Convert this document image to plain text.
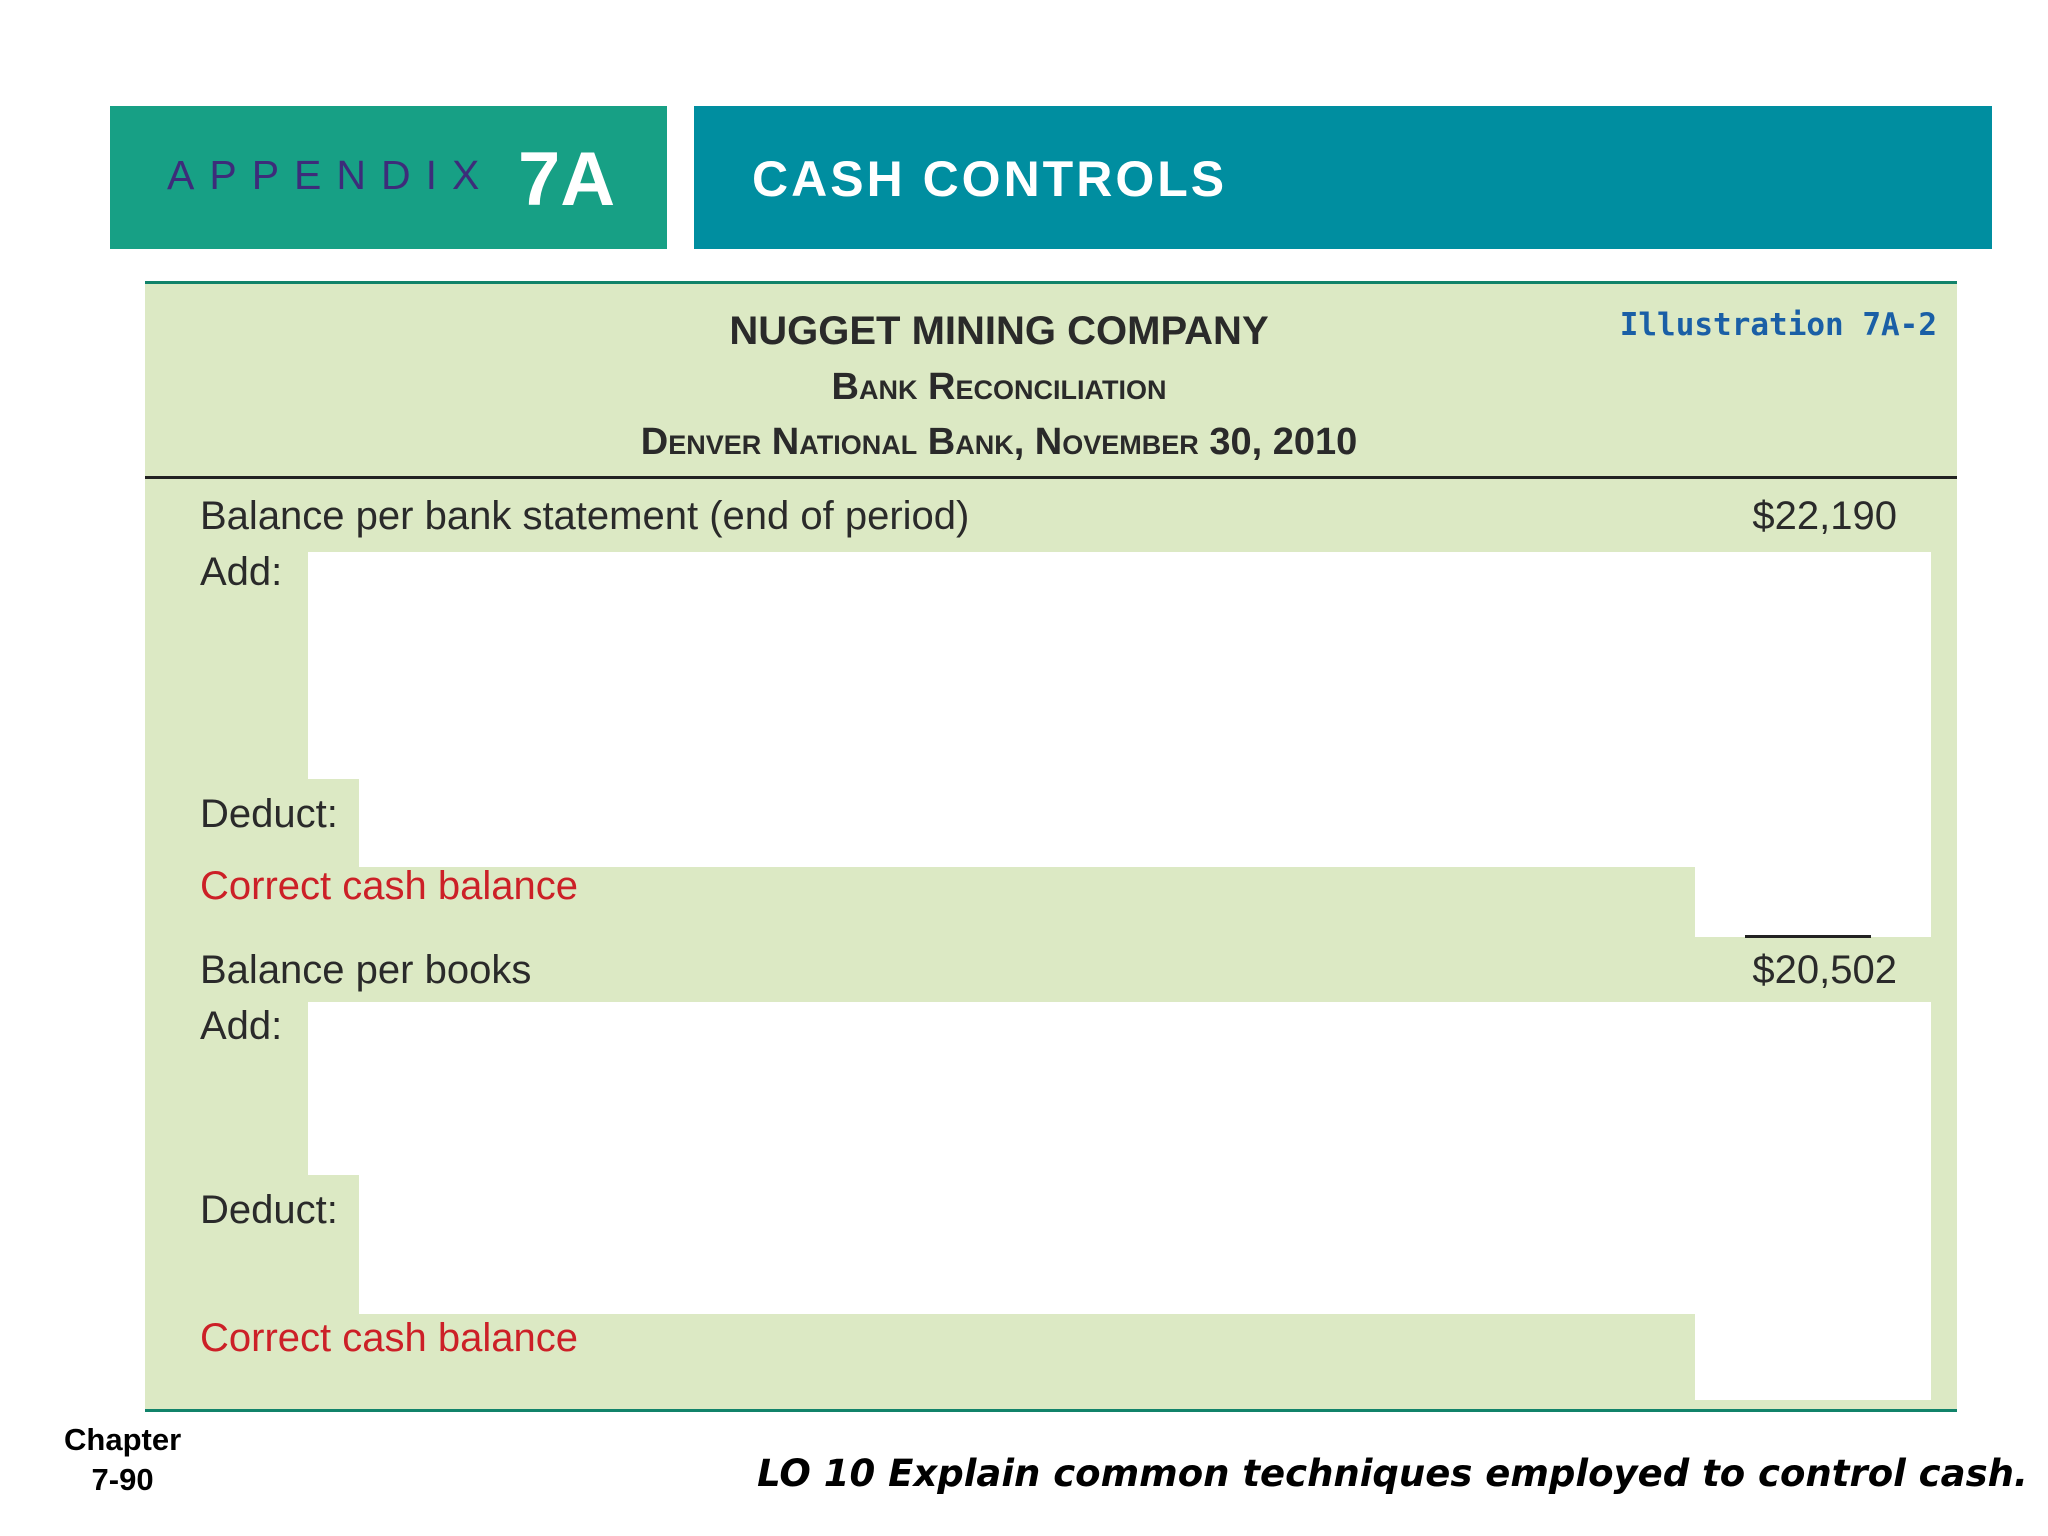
APPENDIX 7A	CASH CONTROLS
NUGGET MINING COMPANY
Bank Reconciliation
Denver National Bank, November 30, 2010
Illustration 7A-2
Balance per bank statement (end of period)	$22,190
Add:
Deduct:
Correct cash balance
Balance per books	$20,502
Add:
Deduct:
Correct cash balance
Chapter
7-90	LO 10 Explain common techniques employed to control cash.
